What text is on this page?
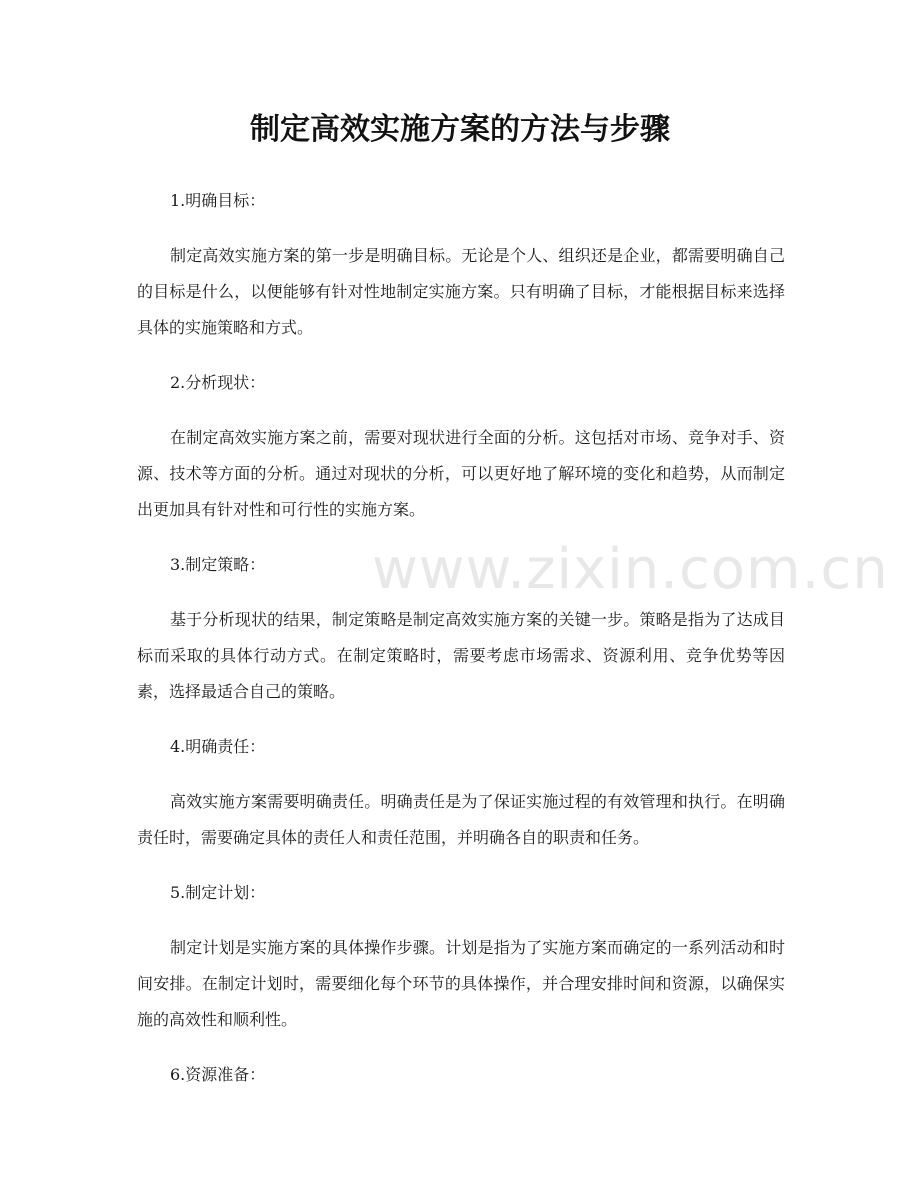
制定高效实施方案的方法与步骤
www.zixin.com.cn

1.明确目标：

制定高效实施方案的第一步是明确目标。无论是个人、组织还是企业，都需要明确自己的目标是什么，以便能够有针对性地制定实施方案。只有明确了目标，才能根据目标来选择具体的实施策略和方式。

2.分析现状：

在制定高效实施方案之前，需要对现状进行全面的分析。这包括对市场、竞争对手、资源、技术等方面的分析。通过对现状的分析，可以更好地了解环境的变化和趋势，从而制定出更加具有针对性和可行性的实施方案。

3.制定策略：

基于分析现状的结果，制定策略是制定高效实施方案的关键一步。策略是指为了达成目标而采取的具体行动方式。在制定策略时，需要考虑市场需求、资源利用、竞争优势等因素，选择最适合自己的策略。

4.明确责任：

高效实施方案需要明确责任。明确责任是为了保证实施过程的有效管理和执行。在明确责任时，需要确定具体的责任人和责任范围，并明确各自的职责和任务。

5.制定计划：

制定计划是实施方案的具体操作步骤。计划是指为了实施方案而确定的一系列活动和时间安排。在制定计划时，需要细化每个环节的具体操作，并合理安排时间和资源，以确保实施的高效性和顺利性。

6.资源准备：
